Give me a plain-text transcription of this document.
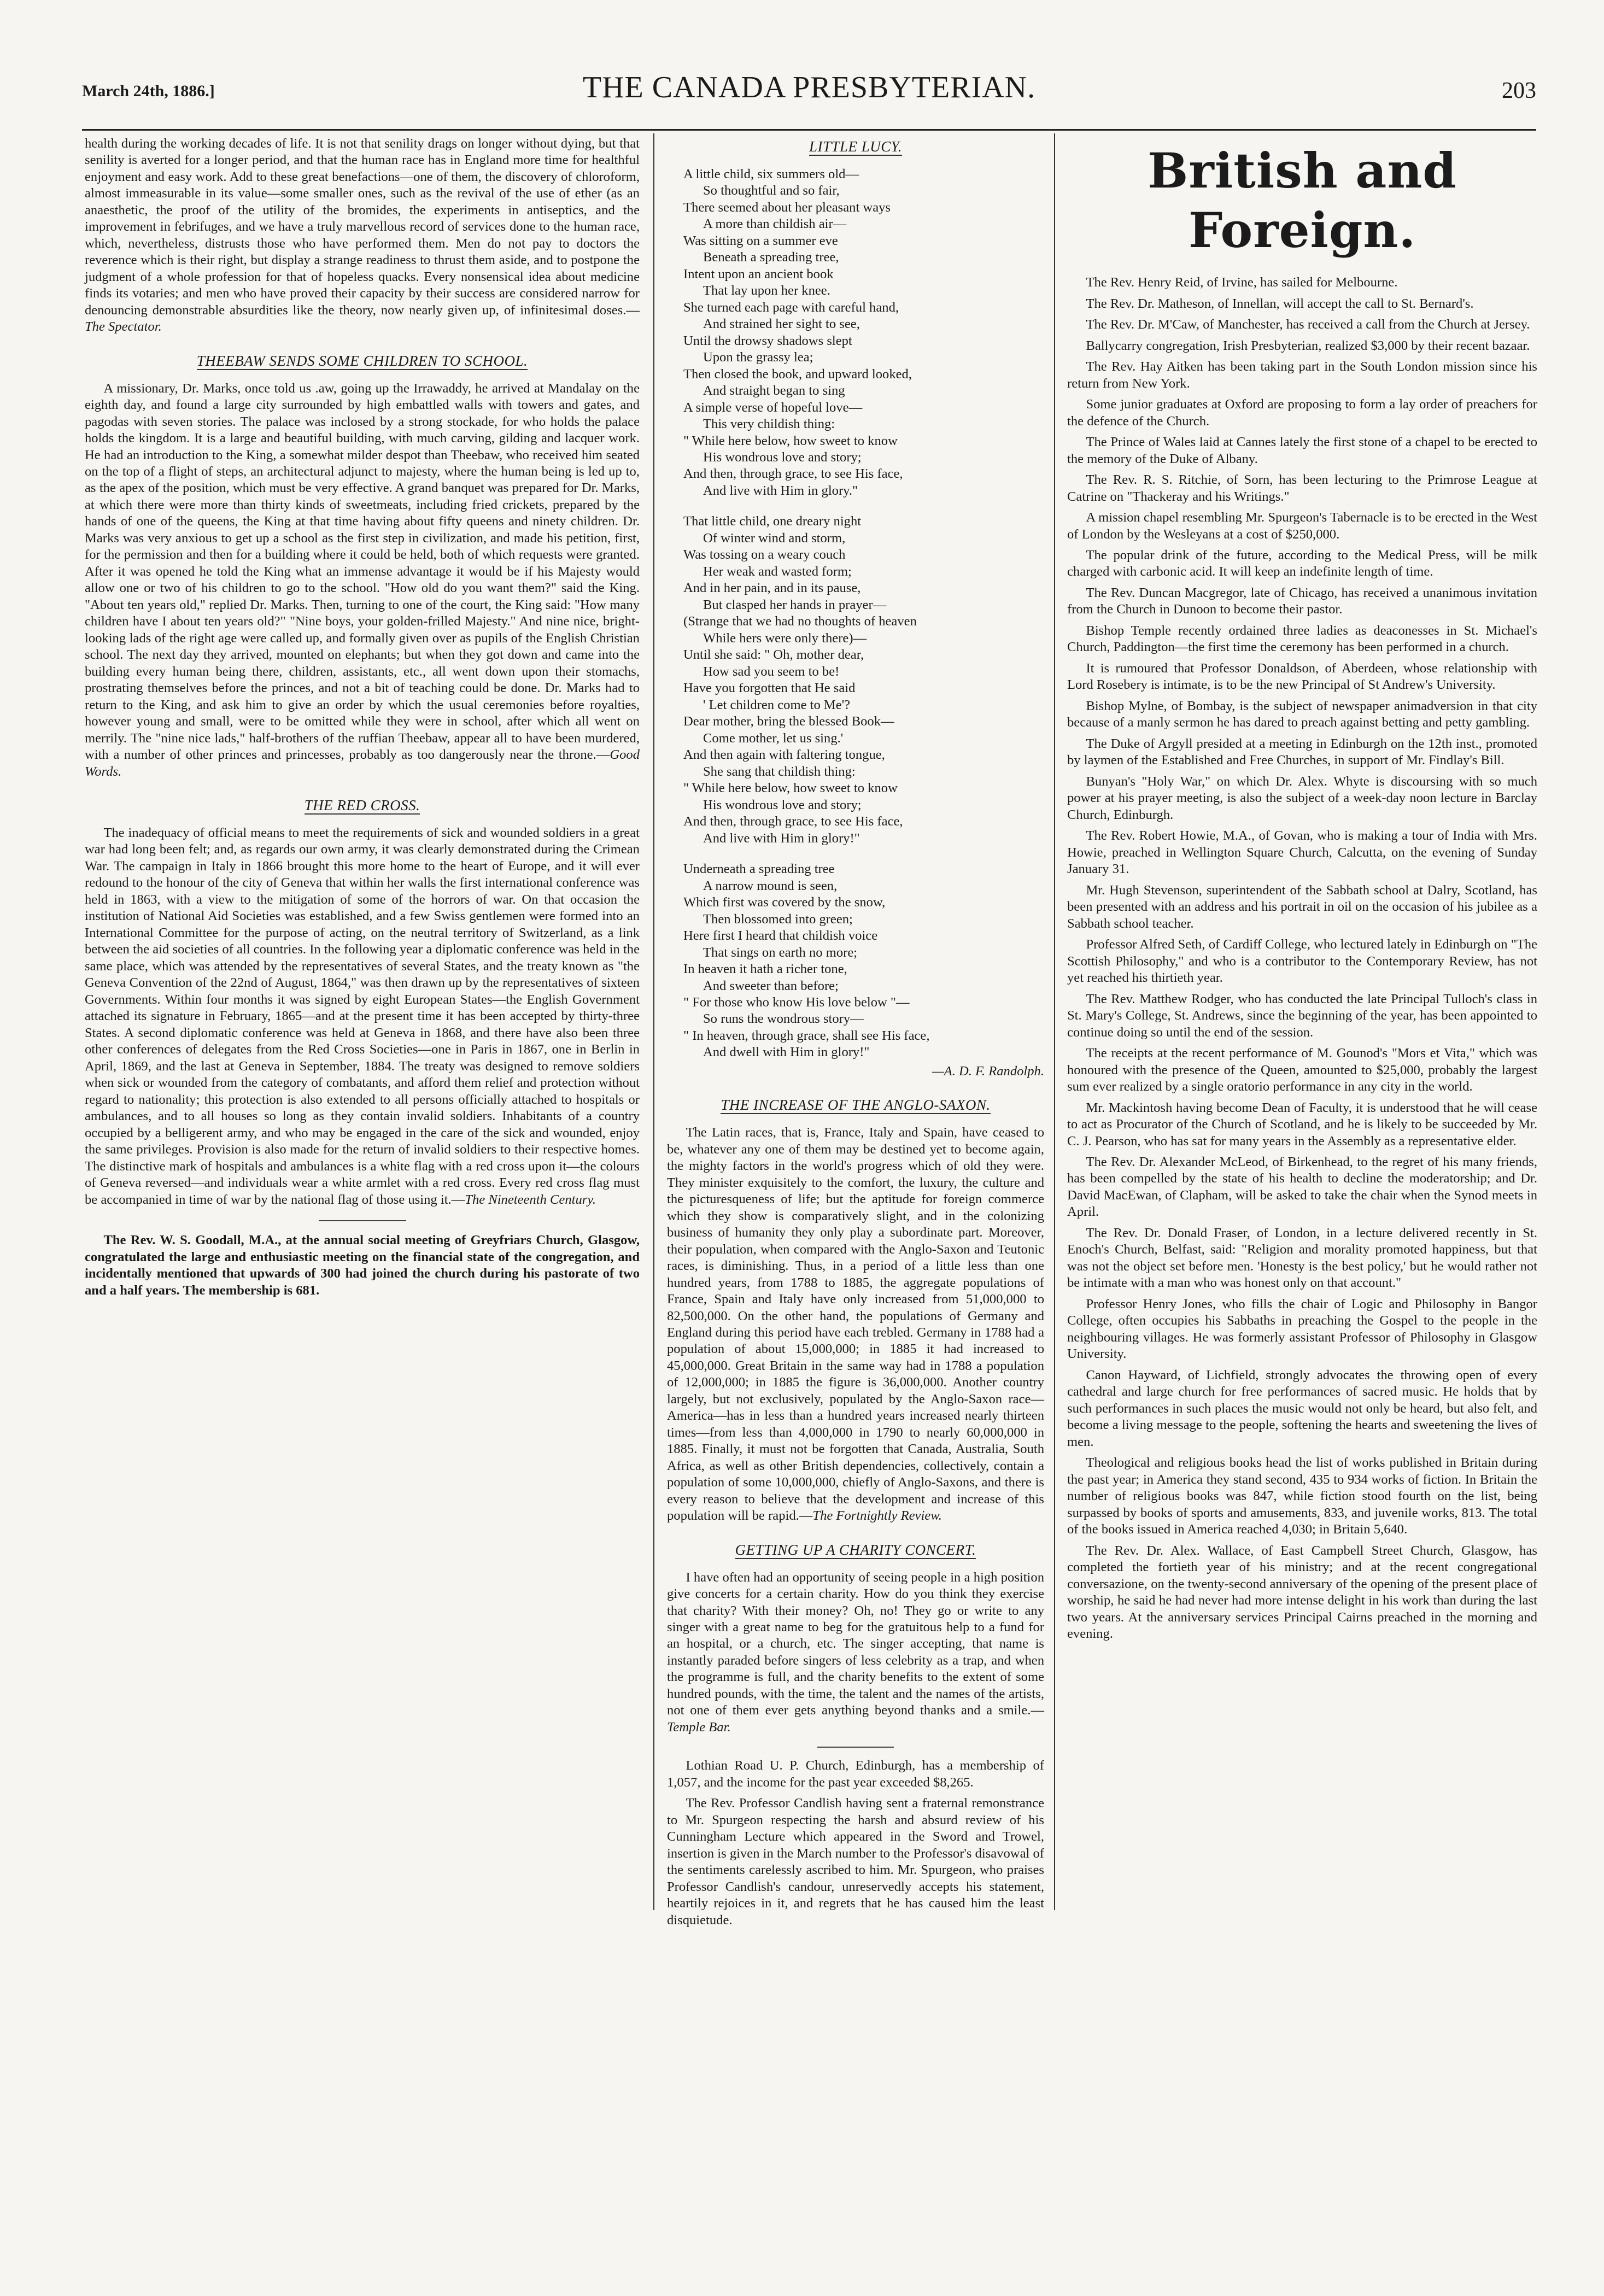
March 24th, 1886.]	THE CANADA PRESBYTERIAN.	203

health during the working decades of life. It is not that senility drags on longer without dying, but that senility is averted for a longer period, and that the human race has in England more time for healthful enjoyment and easy work. Add to these great benefactions—one of them, the discovery of chloroform, almost immeasurable in its value—some smaller ones, such as the revival of the use of ether (as an anaesthetic, the proof of the utility of the bromides, the experiments in antiseptics, and the improvement in febrifuges, and we have a truly marvellous record of services done to the human race, which, nevertheless, distrusts those who have performed them. Men do not pay to doctors the reverence which is their right, but display a strange readiness to thrust them aside, and to postpone the judgment of a whole profession for that of hopeless quacks. Every nonsensical idea about medicine finds its votaries; and men who have proved their capacity by their success are considered narrow for denouncing demonstrable absurdities like the theory, now nearly given up, of infinitesimal doses.—The Spectator.

THEEBAW SENDS SOME CHILDREN TO SCHOOL.

A missionary, Dr. Marks, once told us .aw, going up the Irrawaddy, he arrived at Mandalay on the eighth day, and found a large city surrounded by high embattled walls with towers and gates, and pagodas with seven stories. The palace was inclosed by a strong stockade, for who holds the palace holds the kingdom. It is a large and beautiful building, with much carving, gilding and lacquer work. He had an introduction to the King, a somewhat milder despot than Theebaw, who received him seated on the top of a flight of steps, an architectural adjunct to majesty, where the human being is led up to, as the apex of the position, which must be very effective. A grand banquet was prepared for Dr. Marks, at which there were more than thirty kinds of sweetmeats, including fried crickets, prepared by the hands of one of the queens, the King at that time having about fifty queens and ninety children. Dr. Marks was very anxious to get up a school as the first step in civilization, and made his petition, first, for the permission and then for a building where it could be held, both of which requests were granted. After it was opened he told the King what an immense advantage it would be if his Majesty would allow one or two of his children to go to the school. "How old do you want them?" said the King. "About ten years old," replied Dr. Marks. Then, turning to one of the court, the King said: "How many children have I about ten years old?" "Nine boys, your golden-frilled Majesty." And nine nice, bright-looking lads of the right age were called up, and formally given over as pupils of the English Christian school. The next day they arrived, mounted on elephants; but when they got down and came into the building every human being there, children, assistants, etc., all went down upon their stomachs, prostrating themselves before the princes, and not a bit of teaching could be done. Dr. Marks had to return to the King, and ask him to give an order by which the usual ceremonies before royalties, however young and small, were to be omitted while they were in school, after which all went on merrily. The "nine nice lads," half-brothers of the ruffian Theebaw, appear all to have been murdered, with a number of other princes and princesses, probably as too dangerously near the throne.—Good Words.

THE RED CROSS.

The inadequacy of official means to meet the requirements of sick and wounded soldiers in a great war had long been felt; and, as regards our own army, it was clearly demonstrated during the Crimean War. The campaign in Italy in 1866 brought this more home to the heart of Europe, and it will ever redound to the honour of the city of Geneva that within her walls the first international conference was held in 1863, with a view to the mitigation of some of the horrors of war. On that occasion the institution of National Aid Societies was established, and a few Swiss gentlemen were formed into an International Committee for the purpose of acting, on the neutral territory of Switzerland, as a link between the aid societies of all countries. In the following year a diplomatic conference was held in the same place, which was attended by the representatives of several States, and the treaty known as "the Geneva Convention of the 22nd of August, 1864," was then drawn up by the representatives of sixteen Governments. Within four months it was signed by eight European States—the English Government attached its signature in February, 1865—and at the present time it has been accepted by thirty-three States. A second diplomatic conference was held at Geneva in 1868, and there have also been three other conferences of delegates from the Red Cross Societies—one in Paris in 1867, one in Berlin in April, 1869, and the last at Geneva in September, 1884. The treaty was designed to remove soldiers when sick or wounded from the category of combatants, and afford them relief and protection without regard to nationality; this protection is also extended to all persons officially attached to hospitals or ambulances, and to all houses so long as they contain invalid soldiers. Inhabitants of a country occupied by a belligerent army, and who may be engaged in the care of the sick and wounded, enjoy the same privileges. Provision is also made for the return of invalid soldiers to their respective homes. The distinctive mark of hospitals and ambulances is a white flag with a red cross upon it—the colours of Geneva reversed—and individuals wear a white armlet with a red cross. Every red cross flag must be accompanied in time of war by the national flag of those using it.—The Nineteenth Century.

The Rev. W. S. Goodall, M.A., at the annual social meeting of Greyfriars Church, Glasgow, congratulated the large and enthusiastic meeting on the financial state of the congregation, and incidentally mentioned that upwards of 300 had joined the church during his pastorate of two and a half years. The membership is 681.

LITTLE LUCY.
A little child, six summers old—
So thoughtful and so fair,
There seemed about her pleasant ways
A more than childish air—
Was sitting on a summer eve
Beneath a spreading tree,
Intent upon an ancient book
That lay upon her knee.
She turned each page with careful hand,
And strained her sight to see,
Until the drowsy shadows slept
Upon the grassy lea;
Then closed the book, and upward looked,
And straight began to sing
A simple verse of hopeful love—
This very childish thing:
" While here below, how sweet to know
His wondrous love and story;
And then, through grace, to see His face,
And live with Him in glory."
That little child, one dreary night
Of winter wind and storm,
Was tossing on a weary couch
Her weak and wasted form;
And in her pain, and in its pause,
But clasped her hands in prayer—
(Strange that we had no thoughts of heaven
While hers were only there)—
Until she said: " Oh, mother dear,
How sad you seem to be!
Have you forgotten that He said
' Let children come to Me'?
Dear mother, bring the blessed Book—
Come mother, let us sing.'
And then again with faltering tongue,
She sang that childish thing:
" While here below, how sweet to know
His wondrous love and story;
And then, through grace, to see His face,
And live with Him in glory!"
Underneath a spreading tree
A narrow mound is seen,
Which first was covered by the snow,
Then blossomed into green;
Here first I heard that childish voice
That sings on earth no more;
In heaven it hath a richer tone,
And sweeter than before;
" For those who know His love below "—
So runs the wondrous story—
" In heaven, through grace, shall see His face,
And dwell with Him in glory!"
—A. D. F. Randolph.
THE INCREASE OF THE ANGLO-SAXON.

The Latin races, that is, France, Italy and Spain, have ceased to be, whatever any one of them may be destined yet to become again, the mighty factors in the world's progress which of old they were. They minister exquisitely to the comfort, the luxury, the culture and the picturesqueness of life; but the aptitude for foreign commerce which they show is comparatively slight, and in the colonizing business of humanity they only play a subordinate part. Moreover, their population, when compared with the Anglo-Saxon and Teutonic races, is diminishing. Thus, in a period of a little less than one hundred years, from 1788 to 1885, the aggregate populations of France, Spain and Italy have only increased from 51,000,000 to 82,500,000. On the other hand, the populations of Germany and England during this period have each trebled. Germany in 1788 had a population of about 15,000,000; in 1885 it had increased to 45,000,000. Great Britain in the same way had in 1788 a population of 12,000,000; in 1885 the figure is 36,000,000. Another country largely, but not exclusively, populated by the Anglo-Saxon race—America—has in less than a hundred years increased nearly thirteen times—from less than 4,000,000 in 1790 to nearly 60,000,000 in 1885. Finally, it must not be forgotten that Canada, Australia, South Africa, as well as other British dependencies, collectively, contain a population of some 10,000,000, chiefly of Anglo-Saxons, and there is every reason to believe that the development and increase of this population will be rapid.—The Fortnightly Review.

GETTING UP A CHARITY CONCERT.

I have often had an opportunity of seeing people in a high position give concerts for a certain charity. How do you think they exercise that charity? With their money? Oh, no! They go or write to any singer with a great name to beg for the gratuitous help to a fund for an hospital, or a church, etc. The singer accepting, that name is instantly paraded before singers of less celebrity as a trap, and when the programme is full, and the charity benefits to the extent of some hundred pounds, with the time, the talent and the names of the artists, not one of them ever gets anything beyond thanks and a smile.—Temple Bar.

Lothian Road U. P. Church, Edinburgh, has a membership of 1,057, and the income for the past year exceeded $8,265.

The Rev. Professor Candlish having sent a fraternal remonstrance to Mr. Spurgeon respecting the harsh and absurd review of his Cunningham Lecture which appeared in the Sword and Trowel, insertion is given in the March number to the Professor's disavowal of the sentiments carelessly ascribed to him. Mr. Spurgeon, who praises Professor Candlish's candour, unreservedly accepts his statement, heartily rejoices in it, and regrets that he has caused him the least disquietude.

British and Foreign.

The Rev. Henry Reid, of Irvine, has sailed for Melbourne.

The Rev. Dr. Matheson, of Innellan, will accept the call to St. Bernard's.

The Rev. Dr. M'Caw, of Manchester, has received a call from the Church at Jersey.

Ballycarry congregation, Irish Presbyterian, realized $3,000 by their recent bazaar.

The Rev. Hay Aitken has been taking part in the South London mission since his return from New York.

Some junior graduates at Oxford are proposing to form a lay order of preachers for the defence of the Church.

The Prince of Wales laid at Cannes lately the first stone of a chapel to be erected to the memory of the Duke of Albany.

The Rev. R. S. Ritchie, of Sorn, has been lecturing to the Primrose League at Catrine on "Thackeray and his Writings."

A mission chapel resembling Mr. Spurgeon's Tabernacle is to be erected in the West of London by the Wesleyans at a cost of $250,000.

The popular drink of the future, according to the Medical Press, will be milk charged with carbonic acid. It will keep an indefinite length of time.

The Rev. Duncan Macgregor, late of Chicago, has received a unanimous invitation from the Church in Dunoon to become their pastor.

Bishop Temple recently ordained three ladies as deaconesses in St. Michael's Church, Paddington—the first time the ceremony has been performed in a church.

It is rumoured that Professor Donaldson, of Aberdeen, whose relationship with Lord Rosebery is intimate, is to be the new Principal of St Andrew's University.

Bishop Mylne, of Bombay, is the subject of newspaper animadversion in that city because of a manly sermon he has dared to preach against betting and petty gambling.

The Duke of Argyll presided at a meeting in Edinburgh on the 12th inst., promoted by laymen of the Established and Free Churches, in support of Mr. Findlay's Bill.

Bunyan's "Holy War," on which Dr. Alex. Whyte is discoursing with so much power at his prayer meeting, is also the subject of a week-day noon lecture in Barclay Church, Edinburgh.

The Rev. Robert Howie, M.A., of Govan, who is making a tour of India with Mrs. Howie, preached in Wellington Square Church, Calcutta, on the evening of Sunday January 31.

Mr. Hugh Stevenson, superintendent of the Sabbath school at Dalry, Scotland, has been presented with an address and his portrait in oil on the occasion of his jubilee as a Sabbath school teacher.

Professor Alfred Seth, of Cardiff College, who lectured lately in Edinburgh on "The Scottish Philosophy," and who is a contributor to the Contemporary Review, has not yet reached his thirtieth year.

The Rev. Matthew Rodger, who has conducted the late Principal Tulloch's class in St. Mary's College, St. Andrews, since the beginning of the year, has been appointed to continue doing so until the end of the session.

The receipts at the recent performance of M. Gounod's "Mors et Vita," which was honoured with the presence of the Queen, amounted to $25,000, probably the largest sum ever realized by a single oratorio performance in any city in the world.

Mr. Mackintosh having become Dean of Faculty, it is understood that he will cease to act as Procurator of the Church of Scotland, and he is likely to be succeeded by Mr. C. J. Pearson, who has sat for many years in the Assembly as a representative elder.

The Rev. Dr. Alexander McLeod, of Birkenhead, to the regret of his many friends, has been compelled by the state of his health to decline the moderatorship; and Dr. David MacEwan, of Clapham, will be asked to take the chair when the Synod meets in April.

The Rev. Dr. Donald Fraser, of London, in a lecture delivered recently in St. Enoch's Church, Belfast, said: "Religion and morality promoted happiness, but that was not the object set before men. 'Honesty is the best policy,' but he would rather not be intimate with a man who was honest only on that account."

Professor Henry Jones, who fills the chair of Logic and Philosophy in Bangor College, often occupies his Sabbaths in preaching the Gospel to the people in the neighbouring villages. He was formerly assistant Professor of Philosophy in Glasgow University.

Canon Hayward, of Lichfield, strongly advocates the throwing open of every cathedral and large church for free performances of sacred music. He holds that by such performances in such places the music would not only be heard, but also felt, and become a living message to the people, softening the hearts and sweetening the lives of men.

Theological and religious books head the list of works published in Britain during the past year; in America they stand second, 435 to 934 works of fiction. In Britain the number of religious books was 847, while fiction stood fourth on the list, being surpassed by books of sports and amusements, 833, and juvenile works, 813. The total of the books issued in America reached 4,030; in Britain 5,640.

The Rev. Dr. Alex. Wallace, of East Campbell Street Church, Glasgow, has completed the fortieth year of his ministry; and at the recent congregational conversazione, on the twenty-second anniversary of the opening of the present place of worship, he said he had never had more intense delight in his work than during the last two years. At the anniversary services Principal Cairns preached in the morning and evening.
